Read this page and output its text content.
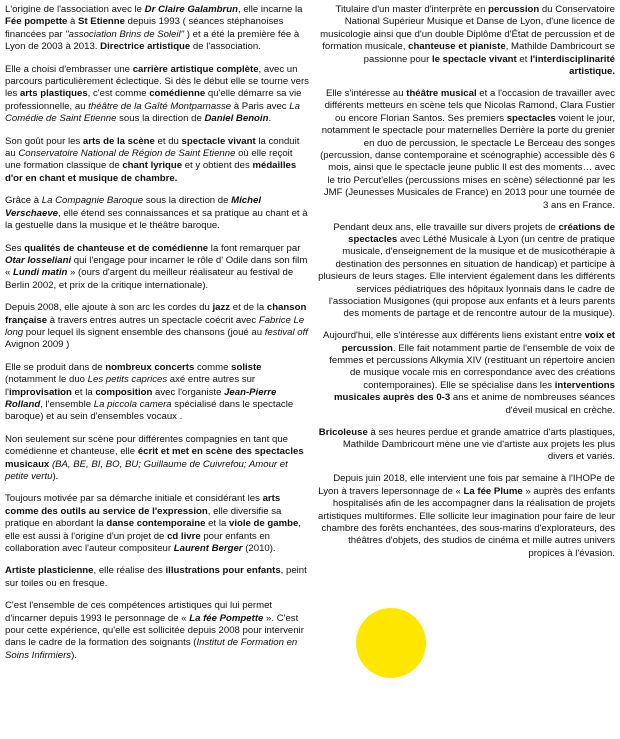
L'origine de l'association avec le Dr Claire Galambrun, elle incarne la Fée pompette à St Etienne depuis 1993 ( séances stéphanoises financées par "association Brins de Soleil" ) et a été la première fée à Lyon de 2003 à 2013. Directrice artistique de l'association.

Elle a choisi d'embrasser une carrière artistique complète, avec un parcours particulièrement éclectique. Si dès le début elle se tourne vers les arts plastiques, c'est comme comédienne qu'elle démarre sa vie professionnelle, au théâtre de la Gaîté Montparnasse à Paris avec La Comédie de Saint Etienne sous la direction de Daniel Benoin.

Son goût pour les arts de la scène et du spectacle vivant la conduit au Conservatoire National de Région de Saint Etienne où elle reçoit une formation classique de chant lyrique et y obtient des médailles d'or en chant et musique de chambre.

Grâce à La Compagnie Baroque sous la direction de Michel Verschaeve, elle étend ses connaissances et sa pratique au chant et à la gestuelle dans la musique et le théâtre baroque.

Ses qualités de chanteuse et de comédienne la font remarquer par Otar Iosseliani qui l'engage pour incarner le rôle d' Odile dans son film « Lundi matin » (ours d'argent du meilleur réalisateur au festival de Berlin 2002, et prix de la critique internationale).

Depuis 2008, elle ajoute à son arc les cordes du jazz et de la chanson française à travers entres autres un spectacle coécrit avec Fabrice Le long pour lequel ils signent ensemble des chansons (joué au festival off Avignon 2009 )

Elle se produit dans de nombreux concerts comme soliste (notamment le duo Les petits caprices axé entre autres sur l'improvisation et la composition avec l'organiste Jean-Pierre Rolland, l'ensemble La piccola camera spécialisé dans le spectacle baroque) et au sein d'ensembles vocaux .

Non seulement sur scène pour différentes compagnies en tant que comédienne et chanteuse, elle écrit et met en scène des spectacles musicaux (BA, BE, BI, BO, BU; Guillaume de Cuivrefou; Amour et petite vertu).

Toujours motivée par sa démarche initiale et considérant les arts comme des outils au service de l'expression, elle diversifie sa pratique en abordant la danse contemporaine et la viole de gambe, elle est aussi à l'origine d'un projet de cd livre pour enfants en collaboration avec l'auteur compositeur Laurent Berger (2010).

Artiste plasticienne, elle réalise des illustrations pour enfants, peint sur toiles ou en fresque.

C'est l'ensemble de ces compétences artistiques qui lui permet d'incarner depuis 1993 le personnage de « La fée Pompette ». C'est pour cette expérience, qu'elle est sollicitée depuis 2008 pour intervenir dans le cadre de la formation des soignants (Institut de Formation en Soins Infirmiers).

Titulaire d'un master d'interprète en percussion du Conservatoire National Supérieur Musique et Danse de Lyon, d'une licence de musicologie ainsi que d'un double Diplôme d'État de percussion et de formation musicale, chanteuse et pianiste, Mathilde Dambricourt se passionne pour le spectacle vivant et l'interdisciplinarité artistique.

Elle s'intéresse au théâtre musical et a l'occasion de travailler avec différents metteurs en scène tels que Nicolas Ramond, Clara Fustier ou encore Florian Santos. Ses premiers spectacles voient le jour, notamment le spectacle pour maternelles Derrière la porte du grenier en duo de percussion, le spectacle Le Berceau des songes (percussion, danse contemporaine et scénographie) accessible dès 6 mois, ainsi que le spectacle jeune public Il est des moments… avec le trio Percut'elles (percussions mises en scène) sélectionné par les JMF (Jeunesses Musicales de France) en 2013 pour une tournée de 3 ans en France.

Pendant deux ans, elle travaille sur divers projets de créations de spectacles avec Léthé Musicale à Lyon (un centre de pratique musicale, d'enseignement de la musique et de musicothérapie à destination des personnes en situation de handicap) et participe à plusieurs de leurs stages. Elle intervient également dans les différents services pédiatriques des hôpitaux lyonnais dans le cadre de l'association Musigones (qui propose aux enfants et à leurs parents des moments de partage et de rencontre autour de la musique).

Aujourd'hui, elle s'intéresse aux différents liens existant entre voix et percussion. Elle fait notamment partie de l'ensemble de voix de femmes et percussions Alkymia XIV (restituant un répertoire ancien de musique vocale mis en correspondance avec des créations contemporaines). Elle se spécialise dans les interventions musicales auprès des 0-3 ans et anime de nombreuses séances d'éveil musical en crèche.

Bricoleuse à ses heures perdue et grande amatrice d'arts plastiques, Mathilde Dambricourt mène une vie d'artiste aux projets les plus divers et variés.

Depuis juin 2018, elle intervient une fois par semaine à l'IHOPe de Lyon à travers lepersonnage de « La fée Plume » auprès des enfants hospitalisés afin de les accompagner dans la réalisation de projets artistiques multiformes. Elle sollicite leur imagination pour faire de leur chambre des forêts enchantées, des sous-marins d'explorateurs, des théâtres d'objets, des studios de cinéma et mille autres univers propices à l'évasion.
